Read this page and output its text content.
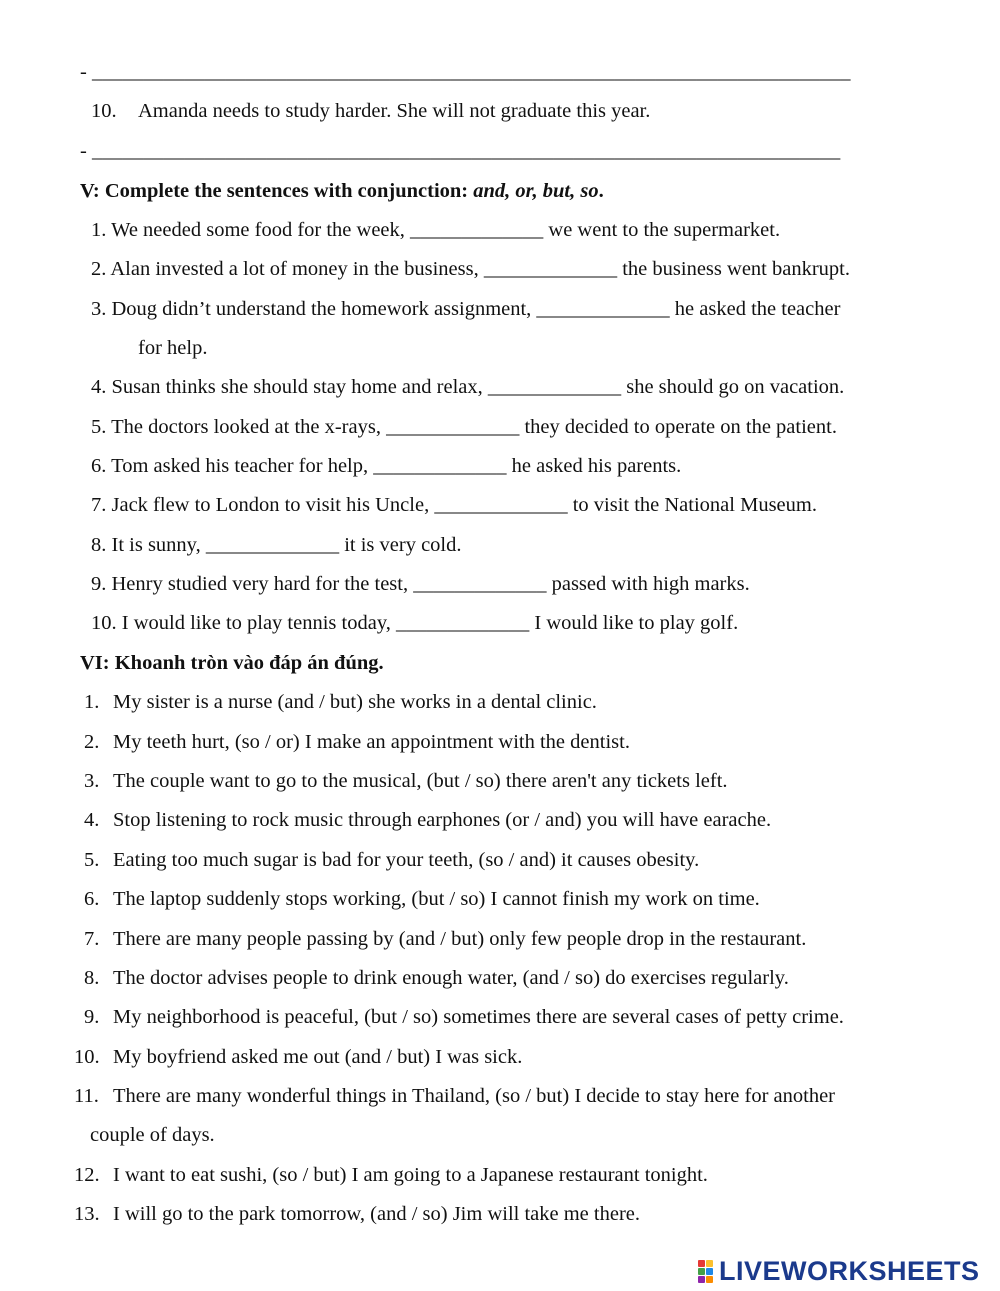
- __________________________________________________________________________
10. Amanda needs to study harder. She will not graduate this year.
- _________________________________________________________________________
V: Complete the sentences with conjunction: and, or, but, so.
1. We needed some food for the week, _____________ we went to the supermarket.
2. Alan invested a lot of money in the business, _____________ the business went bankrupt.
3. Doug didn’t understand the homework assignment, _____________ he asked the teacher
for help.
4. Susan thinks she should stay home and relax, _____________ she should go on vacation.
5. The doctors looked at the x-rays, _____________ they decided to operate on the patient.
6. Tom asked his teacher for help, _____________ he asked his parents.
7. Jack flew to London to visit his Uncle, _____________ to visit the National Museum.
8. It is sunny, _____________ it is very cold.
9. Henry studied very hard for the test, _____________ passed with high marks.
10. I would like to play tennis today, _____________ I would like to play golf.
VI: Khoanh tròn vào đáp án đúng.
1. My sister is a nurse (and / but) she works in a dental clinic.
2. My teeth hurt, (so / or) I make an appointment with the dentist.
3. The couple want to go to the musical, (but / so) there aren't any tickets left.
4. Stop listening to rock music through earphones (or / and) you will have earache.
5. Eating too much sugar is bad for your teeth, (so / and) it causes obesity.
6. The laptop suddenly stops working, (but / so) I cannot finish my work on time.
7. There are many people passing by (and / but) only few people drop in the restaurant.
8. The doctor advises people to drink enough water, (and / so) do exercises regularly.
9. My neighborhood is peaceful, (but / so) sometimes there are several cases of petty crime.
10. My boyfriend asked me out (and / but) I was sick.
11. There are many wonderful things in Thailand, (so / but) I decide to stay here for another
couple of days.
12. I want to eat sushi, (so / but) I am going to a Japanese restaurant tonight.
13. I will go to the park tomorrow, (and / so) Jim will take me there.
LIVEWORKSHEETS
